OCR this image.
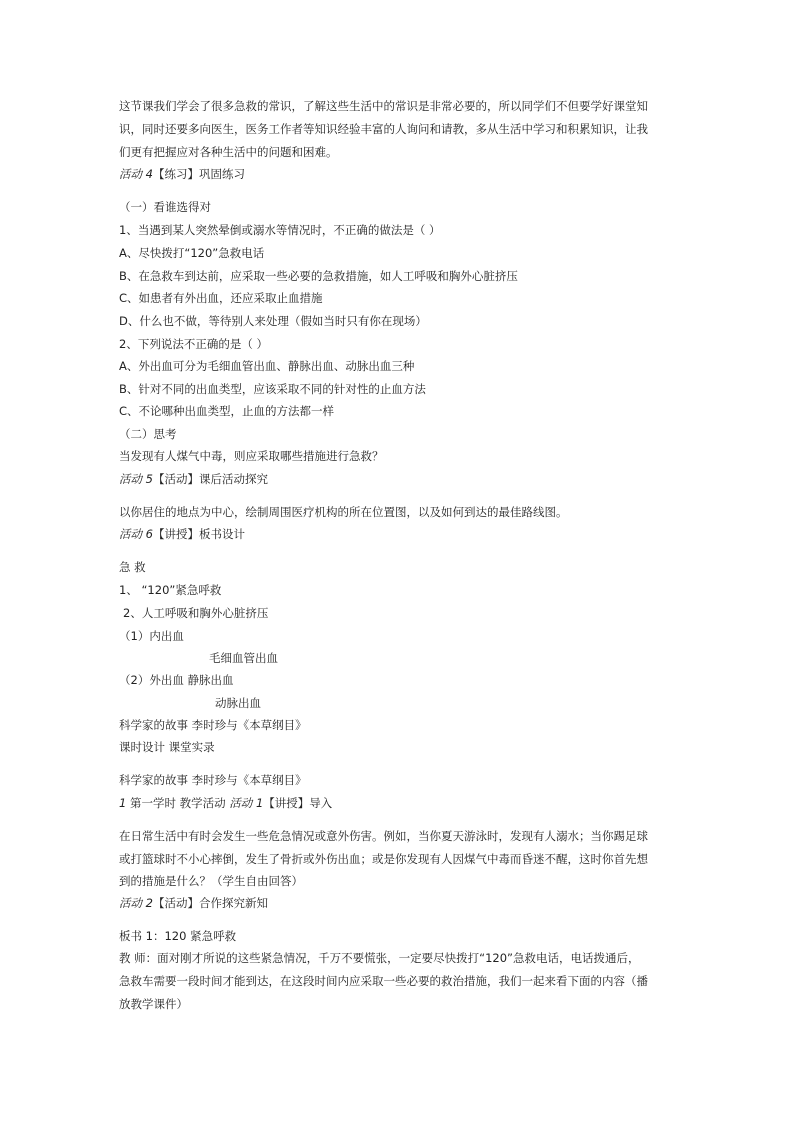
这节课我们学会了很多急救的常识，了解这些生活中的常识是非常必要的，所以同学们不但要学好课堂知
识，同时还要多向医生，医务工作者等知识经验丰富的人询问和请教，多从生活中学习和积累知识，让我
们更有把握应对各种生活中的问题和困难。
活动 4【练习】巩固练习
（一）看谁选得对
1、当遇到某人突然晕倒或溺水等情况时，不正确的做法是（ ）
A、尽快拨打“120”急救电话
B、在急救车到达前，应采取一些必要的急救措施，如人工呼吸和胸外心脏挤压
C、如患者有外出血，还应采取止血措施
D、什么也不做，等待别人来处理（假如当时只有你在现场）
2、下列说法不正确的是（ ）
A、外出血可分为毛细血管出血、静脉出血、动脉出血三种
B、针对不同的出血类型，应该采取不同的针对性的止血方法
C、不论哪种出血类型，止血的方法都一样
（二）思考
当发现有人煤气中毒，则应采取哪些措施进行急救？
活动 5【活动】课后活动探究
以你居住的地点为中心，绘制周围医疗机构的所在位置图，以及如何到达的最佳路线图。
活动 6【讲授】板书设计
急 救
1、 “120”紧急呼救
2、人工呼吸和胸外心脏挤压
（1）内出血
毛细血管出血
（2）外出血 静脉出血
动脉出血
科学家的故事 李时珍与《本草纲目》
课时设计 课堂实录
科学家的故事 李时珍与《本草纲目》
1 第一学时 教学活动 活动 1【讲授】导入
在日常生活中有时会发生一些危急情况或意外伤害。例如，当你夏天游泳时，发现有人溺水；当你踢足球
或打篮球时不小心摔倒，发生了骨折或外伤出血；或是你发现有人因煤气中毒而昏迷不醒，这时你首先想
到的措施是什么？（学生自由回答）
活动 2【活动】合作探究新知
板书 1：120 紧急呼救
教 师：面对刚才所说的这些紧急情况，千万不要慌张，一定要尽快拨打“120”急救电话，电话拨通后，
急救车需要一段时间才能到达，在这段时间内应采取一些必要的救治措施，我们一起来看下面的内容（播
放教学课件）
